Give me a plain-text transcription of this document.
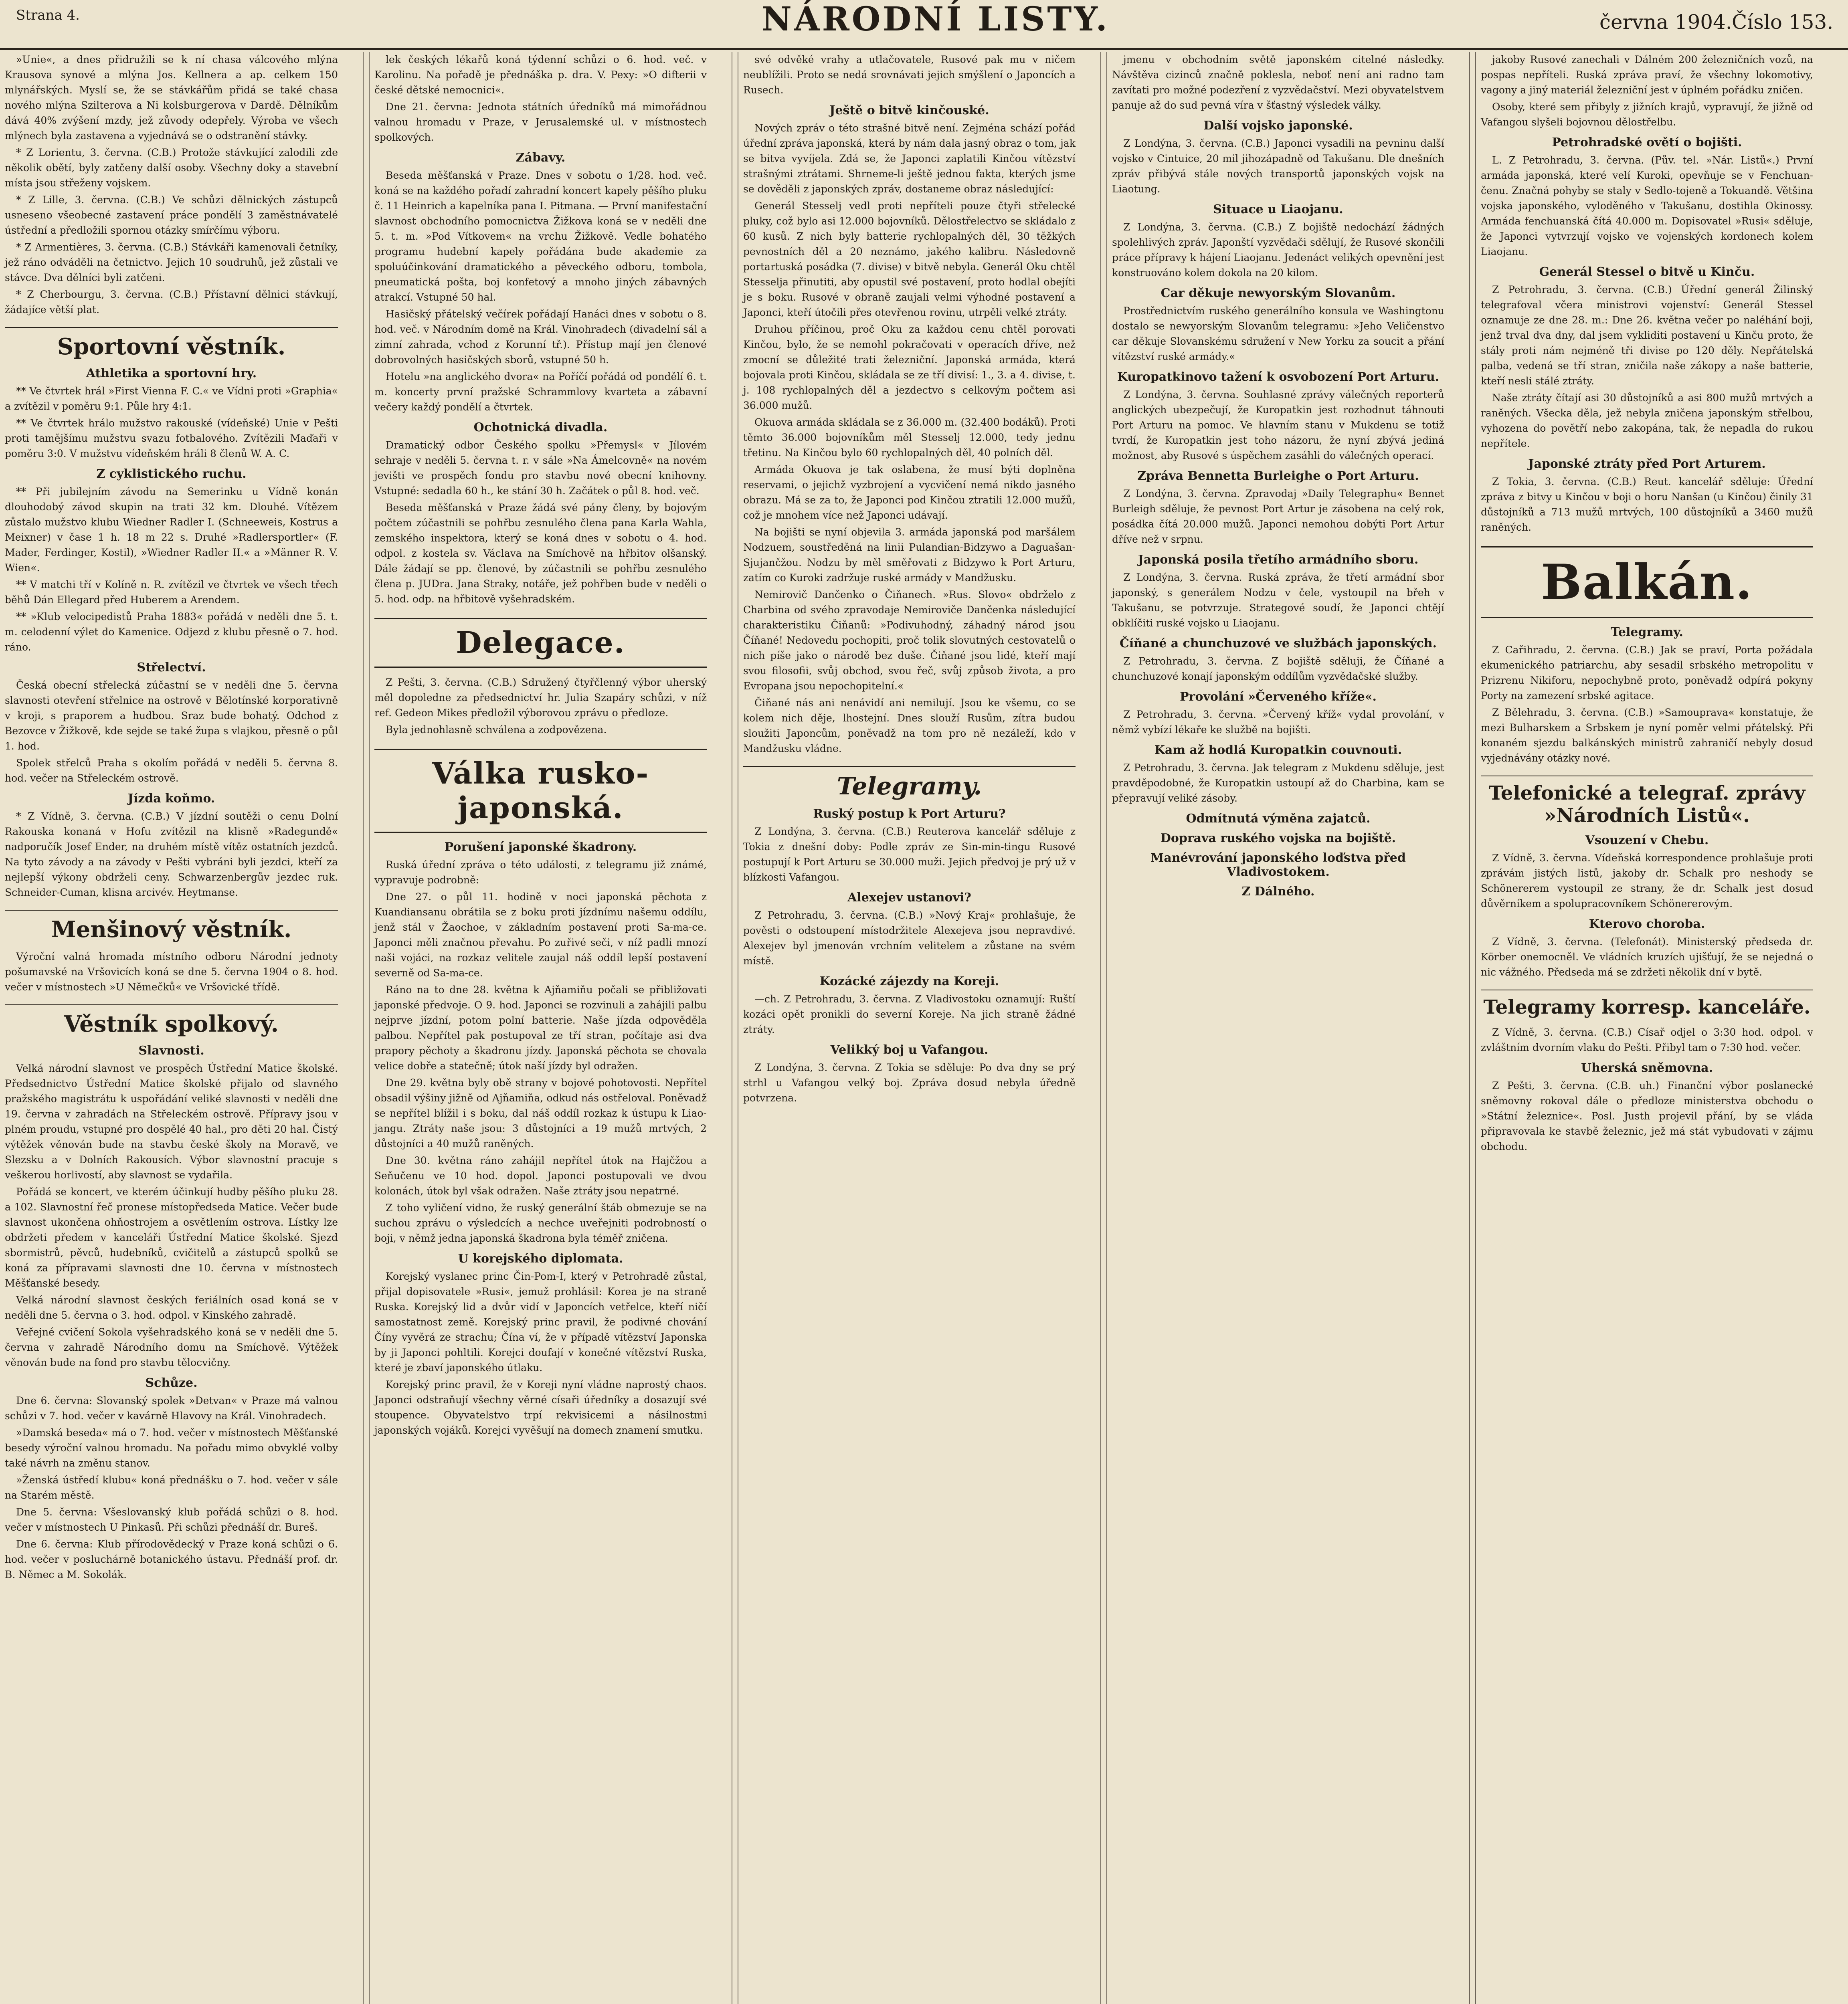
Strana 4.	NÁRODNÍ LISTY.	června 1904. Číslo 153.

»Unie«, a dnes přidružili se k ní chasa válcového mlýna Krausova synové a mlýna Jos. Kellnera a ap. celkem 150 mlynářských. Myslí se, že se stávkářům přidá se také chasa nového mlýna Szilterova a Ni kolsburgerova v Dardě. Dělníkům dává 40% zvýšení mzdy, jež zůvody odepřely. Výroba ve všech mlýnech byla zastavena a vyjednává se o odstranění stávky.

* Z Lorientu, 3. června. (C.B.) Protože stávkující zalodili zde několik obětí, byly zatčeny další osoby. Všechny doky a stavební místa jsou střeženy vojskem.

* Z Lille, 3. června. (C.B.) Ve schůzi dělnických zástupců usneseno všeobecné zastavení práce pondělí 3 zaměstnávatelé ústřední a předložili spornou otázky smírčímu výboru.

* Z Armentières, 3. června. (C.B.) Stávkáři kamenovali četníky, jež ráno odváděli na četnictvo. Jejich 10 soudruhů, jež zůstali ve stávce. Dva dělníci byli zatčeni.

* Z Cherbourgu, 3. června. (C.B.) Přístavní dělnici stávkují, žádajíce větší plat.

Sportovní věstník.
Athletika a sportovní hry.

** Ve čtvrtek hrál »First Vienna F. C.« ve Vídni proti »Graphia« a zvítězil v poměru 9:1. Půle hry 4:1.

** Ve čtvrtek hrálo mužstvo rakouské (vídeňské) Unie v Pešti proti tamějšímu mužstvu svazu fotbalového. Zvítězili Maďaři v poměru 3:0. V mužstvu vídeňském hráli 8 členů W. A. C.

Z cyklistického ruchu.

** Při jubilejním závodu na Semerinku u Vídně konán dlouhodobý závod skupin na trati 32 km. Dlouhé. Vítězem zůstalo mužstvo klubu Wiedner Radler I. (Schneeweis, Kostrus a Meixner) v čase 1 h. 18 m 22 s. Druhé »Radlersportler« (F. Mader, Ferdinger, Kostil), »Wiedner Radler II.« a »Männer R. V. Wien«.

** V matchi tří v Kolíně n. R. zvítězil ve čtvrtek ve všech třech běhů Dán Ellegard před Huberem a Arendem.

** »Klub velocipedistů Praha 1883« pořádá v neděli dne 5. t. m. celodenní výlet do Kamenice. Odjezd z klubu přesně o 7. hod. ráno.

Střelectví.

Česká obecní střelecká zúčastní se v neděli dne 5. června slavnosti otevření střelnice na ostrově v Bělotínské korporativně v kroji, s praporem a hudbou. Sraz bude bohatý. Odchod z Bezovce v Žižkově, kde sejde se také župa s vlajkou, přesně o půl 1. hod.

Spolek střelců Praha s okolím pořádá v neděli 5. června 8. hod. večer na Střeleckém ostrově.

Jízda koňmo.

* Z Vídně, 3. června. (C.B.) V jízdní soutěži o cenu Dolní Rakouska konaná v Hofu zvítězil na klisně »Radegundě« nadporučík Josef Ender, na druhém místě vítěz ostatních jezdců. Na tyto závody a na závody v Pešti vybráni byli jezdci, kteří za nejlepší výkony obdrželi ceny. Schwarzenbergův jezdec ruk. Schneider-Cuman, klisna arcivév. Heytmanse.

Menšinový věstník.

Výroční valná hromada místního odboru Národní jednoty pošumavské na Vršovicích koná se dne 5. června 1904 o 8. hod. večer v místnostech »U Němečků« ve Vršovické třídě.

Věstník spolkový.
Slavnosti.

Velká národní slavnost ve prospěch Ústřední Matice školské. Předsednictvo Ústřední Matice školské přijalo od slavného pražského magistrátu k uspořádání veliké slavnosti v neděli dne 19. června v zahradách na Střeleckém ostrově. Přípravy jsou v plném proudu, vstupné pro dospělé 40 hal., pro děti 20 hal. Čistý výtěžek věnován bude na stavbu české školy na Moravě, ve Slezsku a v Dolních Rakousích. Výbor slavnostní pracuje s veškerou horlivostí, aby slavnost se vydařila.

Pořádá se koncert, ve kterém účinkují hudby pěšího pluku 28. a 102. Slavnostní řeč pronese místopředseda Matice. Večer bude slavnost ukončena ohňostrojem a osvětlením ostrova. Lístky lze obdržeti předem v kanceláři Ústřední Matice školské. Sjezd sbormistrů, pěvců, hudebníků, cvičitelů a zástupců spolků se koná za přípravami slavnosti dne 10. června v místnostech Měšťanské besedy.

Velká národní slavnost českých feriálních osad koná se v neděli dne 5. června o 3. hod. odpol. v Kinského zahradě.

Veřejné cvičení Sokola vyšehradského koná se v neděli dne 5. června v zahradě Národního domu na Smíchově. Výtěžek věnován bude na fond pro stavbu tělocvičny.

Schůze.

Dne 6. června: Slovanský spolek »Detvan« v Praze má valnou schůzi v 7. hod. večer v kavárně Hlavovy na Král. Vinohradech.

»Damská beseda« má o 7. hod. večer v místnostech Měšťanské besedy výroční valnou hromadu. Na pořadu mimo obvyklé volby také návrh na změnu stanov.

»Ženská ústředí klubu« koná přednášku o 7. hod. večer v sále na Starém městě.

Dne 5. června: Všeslovanský klub pořádá schůzi o 8. hod. večer v místnostech U Pinkasů. Při schůzi přednáší dr. Bureš.

Dne 6. června: Klub přírodovědecký v Praze koná schůzi o 6. hod. večer v posluchárně botanického ústavu. Přednáší prof. dr. B. Němec a M. Sokolák.

lek českých lékařů koná týdenní schůzi o 6. hod. več. v Karolinu. Na pořadě je přednáška p. dra. V. Pexy: »O difterii v české dětské nemocnici«.

Dne 21. června: Jednota státních úředníků má mimořádnou valnou hromadu v Praze, v Jerusalemské ul. v místnostech spolkových.

Zábavy.

Beseda měšťanská v Praze. Dnes v sobotu o 1/28. hod. več. koná se na každého pořadí zahradní koncert kapely pěšího pluku č. 11 Heinrich a kapelníka pana I. Pitmana. — První manifestační slavnost obchodního pomocnictva Žižkova koná se v neděli dne 5. t. m. »Pod Vítkovem« na vrchu Žižkově. Vedle bohatého programu hudební kapely pořádána bude akademie za spoluúčinkování dramatického a pěveckého odboru, tombola, pneumatická pošta, boj konfetový a mnoho jiných zábavných atrakcí. Vstupné 50 hal.

Hasičský přátelský večírek pořádají Hanáci dnes v sobotu o 8. hod. več. v Národním domě na Král. Vinohradech (divadelní sál a zimní zahrada, vchod z Korunní tř.). Přístup mají jen členové dobrovolných hasičských sborů, vstupné 50 h.

Hotelu »na anglického dvora« na Poříčí pořádá od pondělí 6. t. m. koncerty první pražské Schrammlovy kvarteta a zábavní večery každý pondělí a čtvrtek.

Ochotnická divadla.

Dramatický odbor Českého spolku »Přemysl« v Jílovém sehraje v neděli 5. června t. r. v sále »Na Ámelcovně« na novém jevišti ve prospěch fondu pro stavbu nové obecní knihovny. Vstupné: sedadla 60 h., ke stání 30 h. Začátek o půl 8. hod. več.

Beseda měšťanská v Praze žádá své pány členy, by bojovým počtem zúčastnili se pohřbu zesnulého člena pana Karla Wahla, zemského inspektora, který se koná dnes v sobotu o 4. hod. odpol. z kostela sv. Václava na Smíchově na hřbitov olšanský. Dále žádají se pp. členové, by zúčastnili se pohřbu zesnulého člena p. JUDra. Jana Straky, notáře, jež pohřben bude v neděli o 5. hod. odp. na hřbitově vyšehradském.

Delegace.

Z Pešti, 3. června. (C.B.) Sdružený čtyřčlenný výbor uherský měl dopoledne za předsednictví hr. Julia Szapáry schůzi, v níž ref. Gedeon Mikes předložil výborovou zprávu o předloze.

Byla jednohlasně schválena a zodpovězena.

Válka rusko-japonská.
Porušení japonské škadrony.

Ruská úřední zpráva o této události, z telegramu již známé, vypravuje podrobně:

Dne 27. o půl 11. hodině v noci japonská pěchota z Kuandiansanu obrátila se z boku proti jízdnímu našemu oddílu, jenž stál v Žaochoe, v základním postavení proti Sa-ma-ce. Japonci měli značnou převahu. Po zuřivé seči, v níž padli mnozí naši vojáci, na rozkaz velitele zaujal náš oddíl lepší postavení severně od Sa-ma-ce.

Ráno na to dne 28. května k Ajňamiňu počali se přibližovati japonské předvoje. O 9. hod. Japonci se rozvinuli a zahájili palbu nejprve jízdní, potom polní batterie. Naše jízda odpověděla palbou. Nepřítel pak postupoval ze tří stran, počítaje asi dva prapory pěchoty a škadronu jízdy. Japonská pěchota se chovala velice dobře a statečně; útok naší jízdy byl odražen.

Dne 29. května byly obě strany v bojové pohotovosti. Nepřítel obsadil výšiny jižně od Ajňamiňa, odkud nás ostřeloval. Poněvadž se nepřítel blížil i s boku, dal náš oddíl rozkaz k ústupu k Liao-jangu. Ztráty naše jsou: 3 důstojníci a 19 mužů mrtvých, 2 důstojníci a 40 mužů raněných.

Dne 30. května ráno zahájil nepřítel útok na Hajčžou a Seňučenu ve 10 hod. dopol. Japonci postupovali ve dvou kolonách, útok byl však odražen. Naše ztráty jsou nepatrné.

Z toho vyličení vidno, že ruský generální štáb obmezuje se na suchou zprávu o výsledcích a nechce uveřejniti podrobností o boji, v němž jedna japonská škadrona byla téměř zničena.

U korejského diplomata.

Korejský vyslanec princ Čin-Pom-I, který v Petrohradě zůstal, přijal dopisovatele »Rusi«, jemuž prohlásil: Korea je na straně Ruska. Korejský lid a dvůr vidí v Japoncích vetřelce, kteří ničí samostatnost země. Korejský princ pravil, že podivné chování Číny vyvěrá ze strachu; Čína ví, že v případě vítězství Japonska by ji Japonci pohltili. Korejci doufají v konečné vítězství Ruska, které je zbaví japonského útlaku.

Korejský princ pravil, že v Koreji nyní vládne naprostý chaos. Japonci odstraňují všechny věrné císaři úředníky a dosazují své stoupence. Obyvatelstvo trpí rekvisicemi a násilnostmi japonských vojáků. Korejci vyvěšují na domech znamení smutku.

své odvěké vrahy a utlačovatele, Rusové pak mu v ničem neublížili. Proto se nedá srovnávati jejich smýšlení o Japoncích a Rusech.

Ještě o bitvě kinčouské.

Nových zpráv o této strašné bitvě není. Zejména schází pořád úřední zpráva japonská, která by nám dala jasný obraz o tom, jak se bitva vyvíjela. Zdá se, že Japonci zaplatili Kinčou vítězství strašnými ztrátami. Shrneme-li ještě jednou fakta, kterých jsme se dověděli z japonských zpráv, dostaneme obraz následující:

Generál Stesselj vedl proti nepříteli pouze čtyři střelecké pluky, což bylo asi 12.000 bojovníků. Dělostřelectvo se skládalo z 60 kusů. Z nich byly batterie rychlopalných děl, 30 těžkých pevnostních děl a 20 neznámo, jakého kalibru. Následovně portartuská posádka (7. divise) v bitvě nebyla. Generál Oku chtěl Stesselja přinutiti, aby opustil své postavení, proto hodlal obejíti je s boku. Rusové v obraně zaujali velmi výhodné postavení a Japonci, kteří útočili přes otevřenou rovinu, utrpěli velké ztráty.

Druhou příčinou, proč Oku za každou cenu chtěl porovati Kinčou, bylo, že se nemohl pokračovati v operacích dříve, než zmocní se důležité trati železniční. Japonská armáda, která bojovala proti Kinčou, skládala se ze tří divisí: 1., 3. a 4. divise, t. j. 108 rychlopalných děl a jezdectvo s celkovým počtem asi 36.000 mužů.

Okuova armáda skládala se z 36.000 m. (32.400 bodáků). Proti těmto 36.000 bojovníkům měl Stesselj 12.000, tedy jednu třetinu. Na Kinčou bylo 60 rychlopalných děl, 40 polních děl.

Armáda Okuova je tak oslabena, že musí býti doplněna reservami, o jejichž vyzbrojení a vycvičení nemá nikdo jasného obrazu. Má se za to, že Japonci pod Kinčou ztratili 12.000 mužů, což je mnohem více než Japonci udávají.

Na bojišti se nyní objevila 3. armáda japonská pod maršálem Nodzuem, soustředěná na linii Pulandian-Bidzywo a Daguašan-Sjujančžou. Nodzu by měl směřovati z Bidzywo k Port Arturu, zatím co Kuroki zadržuje ruské armády v Mandžusku.

Nemirovič Dančenko o Čiňanech. »Rus. Slovo« obdrželo z Charbina od svého zpravodaje Nemiroviče Dančenka následující charakteristiku Čiňanů: »Podivuhodný, záhadný národ jsou Číňané! Nedovedu pochopiti, proč tolik slovutných cestovatelů o nich píše jako o národě bez duše. Čiňané jsou lidé, kteří mají svou filosofii, svůj obchod, svou řeč, svůj způsob života, a pro Evropana jsou nepochopitelní.«

Čiňané nás ani nenávidí ani nemilují. Jsou ke všemu, co se kolem nich děje, lhostejní. Dnes slouží Rusům, zítra budou sloužiti Japoncům, poněvadž na tom pro ně nezáleží, kdo v Mandžusku vládne.

Telegramy.
Ruský postup k Port Arturu?

Z Londýna, 3. června. (C.B.) Reuterova kancelář sděluje z Tokia z dnešní doby: Podle zpráv ze Sin-min-tingu Rusové postupují k Port Arturu se 30.000 muži. Jejich předvoj je prý už v blízkosti Vafangou.

Alexejev ustanovi?

Z Petrohradu, 3. června. (C.B.) »Nový Kraj« prohlašuje, že pověsti o odstoupení místodržitele Alexejeva jsou nepravdivé. Alexejev byl jmenován vrchním velitelem a zůstane na svém místě.

Kozácké zájezdy na Koreji.

—ch. Z Petrohradu, 3. června. Z Vladivostoku oznamují: Ruští kozáci opět pronikli do severní Koreje. Na jich straně žádné ztráty.

Velikký boj u Vafangou.

Z Londýna, 3. června. Z Tokia se sděluje: Po dva dny se prý strhl u Vafangou velký boj. Zpráva dosud nebyla úředně potvrzena.

jmenu v obchodním světě japonském citelné následky. Návštěva cizinců značně poklesla, neboť není ani radno tam zavítati pro možné podezření z vyzvědačství. Mezi obyvatelstvem panuje až do sud pevná víra v šťastný výsledek války.

Další vojsko japonské.

Z Londýna, 3. června. (C.B.) Japonci vysadili na pevninu další vojsko v Cintuice, 20 mil jihozápadně od Takušanu. Dle dnešních zpráv přibývá stále nových transportů japonských vojsk na Liaotung.

Situace u Liaojanu.

Z Londýna, 3. června. (C.B.) Z bojiště nedochází žádných spolehlivých zpráv. Japonští vyzvědači sdělují, že Rusové skončili práce přípravy k hájení Liaojanu. Jedenáct velikých opevnění jest konstruováno kolem dokola na 20 kilom.

Car děkuje newyorským Slovanům.

Prostřednictvím ruského generálního konsula ve Washingtonu dostalo se newyorským Slovanům telegramu: »Jeho Veličenstvo car děkuje Slovanskému sdružení v New Yorku za soucit a přání vítězství ruské armády.«

Kuropatkinovo tažení k osvobození Port Arturu.

Z Londýna, 3. června. Souhlasné zprávy válečných reporterů anglických ubezpečují, že Kuropatkin jest rozhodnut táhnouti Port Arturu na pomoc. Ve hlavním stanu v Mukdenu se totiž tvrdí, že Kuropatkin jest toho názoru, že nyní zbývá jediná možnost, aby Rusové s úspěchem zasáhli do válečných operací.

Zpráva Bennetta Burleighe o Port Arturu.

Z Londýna, 3. června. Zpravodaj »Daily Telegraphu« Bennet Burleigh sděluje, že pevnost Port Artur je zásobena na celý rok, posádka čítá 20.000 mužů. Japonci nemohou dobýti Port Artur dříve než v srpnu.

Japonská posila třetího armádního sboru.

Z Londýna, 3. června. Ruská zpráva, že třetí armádní sbor japonský, s generálem Nodzu v čele, vystoupil na břeh v Takušanu, se potvrzuje. Strategové soudí, že Japonci chtějí obklíčiti ruské vojsko u Liaojanu.

Číňané a chunchuzové ve službách japonských.

Z Petrohradu, 3. června. Z bojiště sděluji, že Číňané a chunchuzové konají japonským oddílům vyzvědačské služby.

Provolání »Červeného kříže«.

Z Petrohradu, 3. června. »Červený kříž« vydal provolání, v němž vybízí lékaře ke službě na bojišti.

Kam až hodlá Kuropatkin couvnouti.

Z Petrohradu, 3. června. Jak telegram z Mukdenu sděluje, jest pravděpodobné, že Kuropatkin ustoupí až do Charbina, kam se přepravují veliké zásoby.

Odmítnutá výměna zajatců.
Doprava ruského vojska na bojiště.
Manévrování japonského loďstva před Vladivostokem.
Z Dálného.

jakoby Rusové zanechali v Dálném 200 železničních vozů, na pospas nepříteli. Ruská zpráva praví, že všechny lokomotivy, vagony a jiný materiál železniční jest v úplném pořádku zničen.

Osoby, které sem přibyly z jižních krajů, vypravují, že jižně od Vafangou slyšeli bojovnou dělostřelbu.

Petrohradské ovětí o bojišti.

L. Z Petrohradu, 3. června. (Pův. tel. »Nár. Listů«.) První armáda japonská, které velí Kuroki, opevňuje se v Fenchuan-čenu. Značná pohyby se staly v Sedlo-tojeně a Tokuandě. Většina vojska japonského, vyloděného v Takušanu, dostihla Okinossy. Armáda fenchuanská čítá 40.000 m. Dopisovatel »Rusi« sděluje, že Japonci vytvrzují vojsko ve vojenských kordonech kolem Liaojanu.

Generál Stessel o bitvě u Kinču.

Z Petrohradu, 3. června. (C.B.) Úřední generál Žilinský telegrafoval včera ministrovi vojenství: Generál Stessel oznamuje ze dne 28. m.: Dne 26. května večer po naléhání boji, jenž trval dva dny, dal jsem vykliditi postavení u Kinču proto, že stály proti nám nejméně tři divise po 120 děly. Nepřátelská palba, vedená se tří stran, zničila naše zákopy a naše batterie, kteří nesli stálé ztráty.

Naše ztráty čítají asi 30 důstojníků a asi 800 mužů mrtvých a raněných. Všecka děla, jež nebyla zničena japonským střelbou, vyhozena do povětří nebo zakopána, tak, že nepadla do rukou nepřítele.

Japonské ztráty před Port Arturem.

Z Tokia, 3. června. (C.B.) Reut. kancelář sděluje: Úřední zpráva z bitvy u Kinčou v boji o horu Nanšan (u Kinčou) činily 31 důstojníků a 713 mužů mrtvých, 100 důstojníků a 3460 mužů raněných.

Balkán.
Telegramy.

Z Cařihradu, 2. června. (C.B.) Jak se praví, Porta požádala ekumenického patriarchu, aby sesadil srbského metropolitu v Prizrenu Nikiforu, nepochybně proto, poněvadž odpírá pokyny Porty na zamezení srbské agitace.

Z Bělehradu, 3. června. (C.B.) »Samouprava« konstatuje, že mezi Bulharskem a Srbskem je nyní poměr velmi přátelský. Při konaném sjezdu balkánských ministrů zahraničí nebyly dosud vyjednávány otázky nové.

Telefonické a telegraf. zprávy »Národních Listů«.
Vsouzení v Chebu.

Z Vídně, 3. června. Vídeňská korrespondence prohlašuje proti zprávám jistých listů, jakoby dr. Schalk pro neshody se Schönererem vystoupil ze strany, že dr. Schalk jest dosud důvěrníkem a spolupracovníkem Schönererovým.

Kterovo choroba.

Z Vídně, 3. června. (Telefonát). Ministerský předseda dr. Körber onemocněl. Ve vládních kruzích ujišťují, že se nejedná o nic vážného. Předseda má se zdržeti několik dní v bytě.

Telegramy korresp. kanceláře.

Z Vídně, 3. června. (C.B.) Císař odjel o 3:30 hod. odpol. v zvláštním dvorním vlaku do Pešti. Přibyl tam o 7:30 hod. večer.

Uherská sněmovna.

Z Pešti, 3. června. (C.B. uh.) Finanční výbor poslanecké sněmovny rokoval dále o předloze ministerstva obchodu o »Státní železnice«. Posl. Justh projevil přání, by se vláda připravovala ke stavbě železnic, jež má stát vybudovati v zájmu obchodu.
